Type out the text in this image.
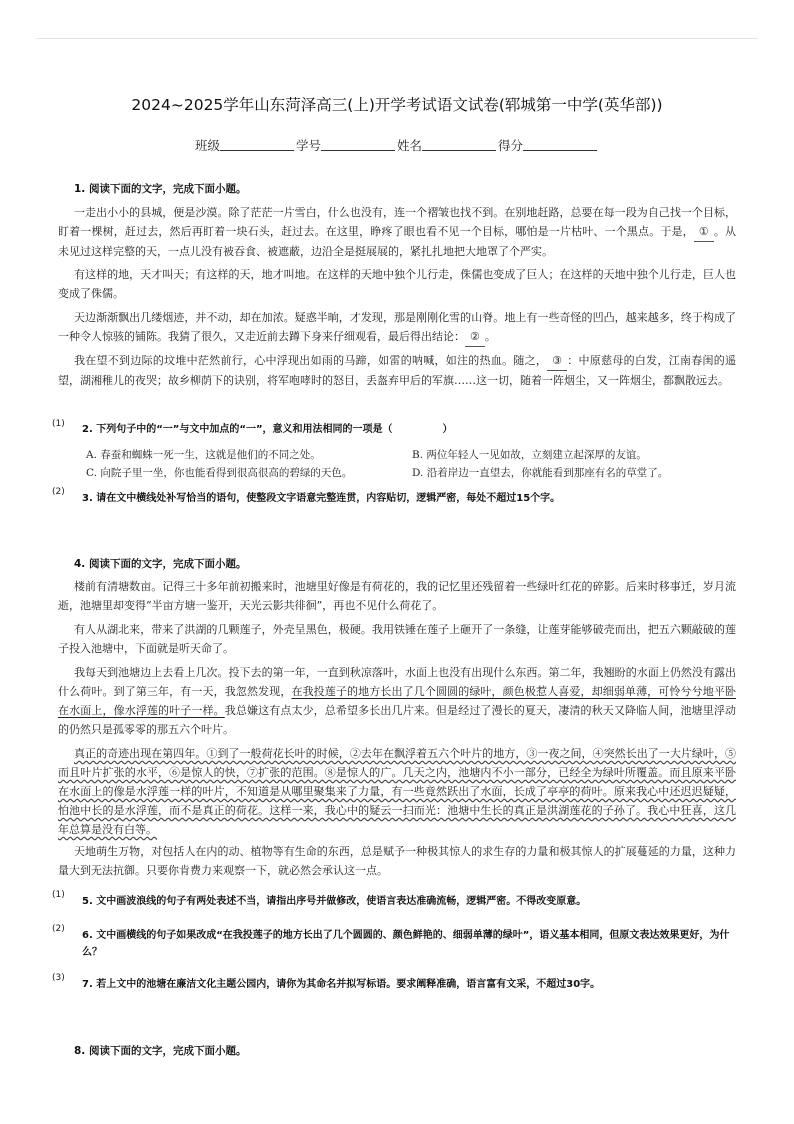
2024~2025学年山东菏泽高三(上)开学考试语文试卷(郓城第一中学(英华部))
班级	学号	姓名	得分
1. 阅读下面的文字，完成下面小题。

一走出小小的县城，便是沙漠。除了茫茫一片雪白，什么也没有，连一个褶皱也找不到。在别地赶路，总要在每一段为自己找一个目标，盯着一棵树，赶过去，然后再盯着一块石头，赶过去。在这里，睁疼了眼也看不见一个目标，哪怕是一片枯叶、一个黑点。于是， ① 。从未见过这样完整的天，一点儿没有被吞食、被遮蔽，边沿全是挺展展的，紧扎扎地把大地罩了个严实。

有这样的地，天才叫天；有这样的天，地才叫地。在这样的天地中独个儿行走，侏儒也变成了巨人；在这样的天地中独个儿行走，巨人也变成了侏儒。

天边渐渐飘出几缕烟迹，并不动，却在加浓。疑惑半晌，才发现，那是刚刚化雪的山脊。地上有一些奇怪的凹凸，越来越多，终于构成了一种令人惊骇的铺陈。我猜了很久，又走近前去蹲下身来仔细观看，最后得出结论： ② 。

我在望不到边际的坟堆中茫然前行，心中浮现出如雨的马蹄，如雷的呐喊，如注的热血。随之， ③ ：中原慈母的白发，江南春闺的遥望，湖湘稚儿的夜哭；故乡柳荫下的诀别，将军咆哮时的怒目，丢盔弃甲后的军旗……这一切，随着一阵烟尘，又一阵烟尘，都飘散远去。

(1) 2. 下列句子中的“一”与文中加点的“一”，意义和用法相同的一项是（　　　　　）

A. 春蚕和蜘蛛一死一生，这就是他们的不同之处。	B. 两位年轻人一见如故，立刻建立起深厚的友谊。
C. 向院子里一坐，你也能看得到很高很高的碧绿的天色。	D. 沿着岸边一直望去，你就能看到那座有名的草堂了。
(2)

3. 请在文中横线处补写恰当的语句，使整段文字语意完整连贯，内容贴切，逻辑严密，每处不超过15个字。

4. 阅读下面的文字，完成下面小题。

楼前有清塘数亩。记得三十多年前初搬来时，池塘里好像是有荷花的，我的记忆里还残留着一些绿叶红花的碎影。后来时移事迁，岁月流逝，池塘里却变得“半亩方塘一鉴开，天光云影共徘徊”，再也不见什么荷花了。

有人从湖北来，带来了洪湖的几颗莲子，外壳呈黑色，极硬。我用铁锤在莲子上砸开了一条缝，让莲芽能够破壳而出，把五六颗敲破的莲子投入池塘中，下面就是听天命了。

我每天到池塘边上去看上几次。投下去的第一年，一直到秋凉落叶，水面上也没有出现什么东西。第二年，我翘盼的水面上仍然没有露出什么荷叶。到了第三年，有一天，我忽然发现，在我投莲子的地方长出了几个圆圆的绿叶，颜色极惹人喜爱，却细弱单薄，可怜兮兮地平卧在水面上，像水浮莲的叶子一样。我总嫌这有点太少，总希望多长出几片来。但是经过了漫长的夏天，凄清的秋天又降临人间，池塘里浮动的仍然只是孤零零的那五六个叶片。

真正的奇迹出现在第四年。①到了一般荷花长叶的时候，②去年在飘浮着五六个叶片的地方，③一夜之间，④突然长出了一大片绿叶，⑤而且叶片扩张的水平，⑥是惊人的快，⑦扩张的范围。⑧是惊人的广。几天之内，池塘内不小一部分，已经全为绿叶所覆盖。而且原来平卧在水面上的像是水浮莲一样的叶片，不知道是从哪里聚集来了力量，有一些竟然跃出了水面，长成了亭亭的荷叶。原来我心中还迟迟疑疑，怕池中长的是水浮莲，而不是真正的荷花。这样一来，我心中的疑云一扫而光：池塘中生长的真正是洪湖莲花的子孙了。我心中狂喜，这几年总算是没有白等。

天地萌生万物，对包括人在内的动、植物等有生命的东西，总是赋予一种极其惊人的求生存的力量和极其惊人的扩展蔓延的力量，这种力量大到无法抗御。只要你肯费力来观察一下，就必然会承认这一点。

(1)

5. 文中画波浪线的句子有两处表述不当，请指出序号并做修改，使语言表达准确流畅，逻辑严密。不得改变原意。

(2)

6. 文中画横线的句子如果改成“在我投莲子的地方长出了几个圆圆的、颜色鲜艳的、细弱单薄的绿叶”，语义基本相同，但原文表达效果更好，为什么？

(3)

7. 若上文中的池塘在廉洁文化主题公园内，请你为其命名并拟写标语。要求阐释准确，语言富有文采，不超过30字。

8. 阅读下面的文字，完成下面小题。
